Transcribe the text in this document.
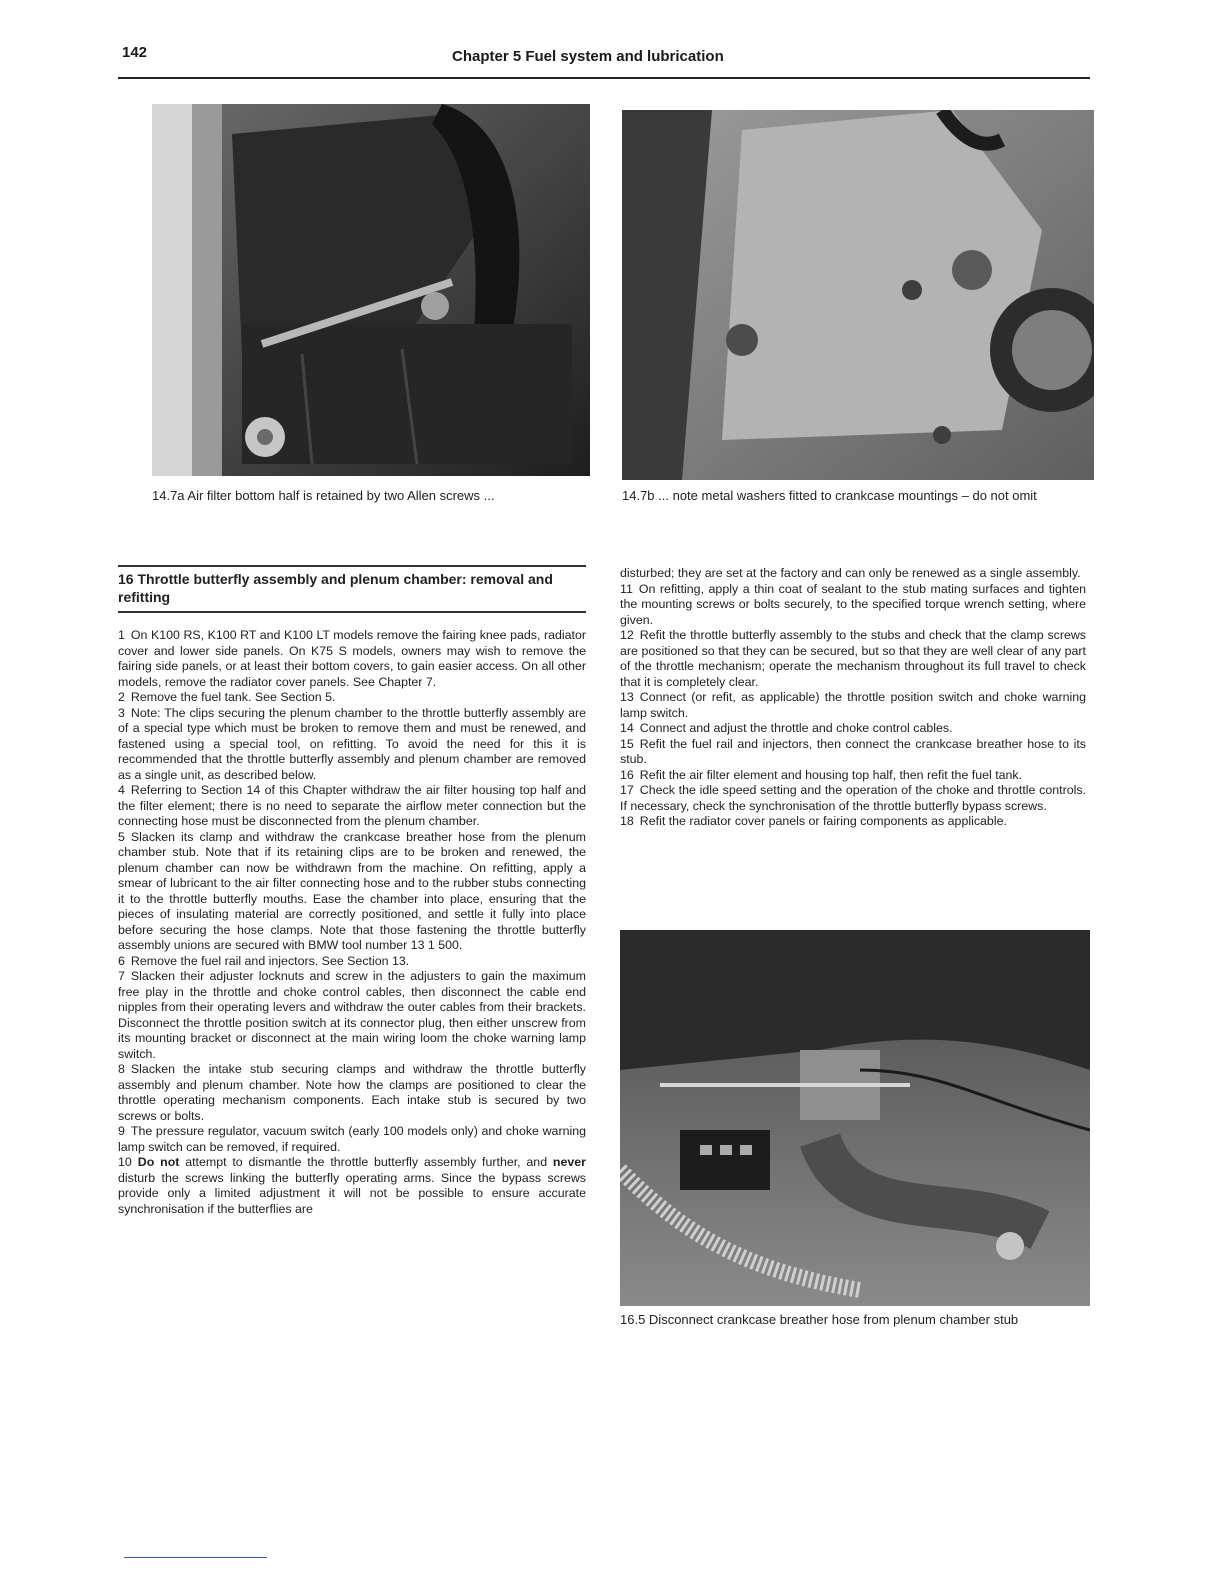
142	Chapter 5 Fuel system and lubrication
14.7a Air filter bottom half is retained by two Allen screws ...	14.7b ... note metal washers fitted to crankcase mountings – do not omit
16 Throttle butterfly assembly and plenum chamber: removal and refitting

1 On K100 RS, K100 RT and K100 LT models remove the fairing knee pads, radiator cover and lower side panels. On K75 S models, owners may wish to remove the fairing side panels, or at least their bottom covers, to gain easier access. On all other models, remove the radiator cover panels. See Chapter 7.

2 Remove the fuel tank. See Section 5.

3 Note: The clips securing the plenum chamber to the throttle butterfly assembly are of a special type which must be broken to remove them and must be renewed, and fastened using a special tool, on refitting. To avoid the need for this it is recommended that the throttle butterfly assembly and plenum chamber are removed as a single unit, as described below.

4 Referring to Section 14 of this Chapter withdraw the air filter housing top half and the filter element; there is no need to separate the airflow meter connection but the connecting hose must be disconnected from the plenum chamber.

5 Slacken its clamp and withdraw the crankcase breather hose from the plenum chamber stub. Note that if its retaining clips are to be broken and renewed, the plenum chamber can now be withdrawn from the machine. On refitting, apply a smear of lubricant to the air filter connecting hose and to the rubber stubs connecting it to the throttle butterfly mouths. Ease the chamber into place, ensuring that the pieces of insulating material are correctly positioned, and settle it fully into place before securing the hose clamps. Note that those fastening the throttle butterfly assembly unions are secured with BMW tool number 13 1 500.

6 Remove the fuel rail and injectors. See Section 13.

7 Slacken their adjuster locknuts and screw in the adjusters to gain the maximum free play in the throttle and choke control cables, then disconnect the cable end nipples from their operating levers and withdraw the outer cables from their brackets. Disconnect the throttle position switch at its connector plug, then either unscrew from its mounting bracket or disconnect at the main wiring loom the choke warning lamp switch.

8 Slacken the intake stub securing clamps and withdraw the throttle butterfly assembly and plenum chamber. Note how the clamps are positioned to clear the throttle operating mechanism components. Each intake stub is secured by two screws or bolts.

9 The pressure regulator, vacuum switch (early 100 models only) and choke warning lamp switch can be removed, if required.

10 Do not attempt to dismantle the throttle butterfly assembly further, and never disturb the screws linking the butterfly operating arms. Since the bypass screws provide only a limited adjustment it will not be possible to ensure accurate synchronisation if the butterflies are

disturbed; they are set at the factory and can only be renewed as a single assembly.

11 On refitting, apply a thin coat of sealant to the stub mating surfaces and tighten the mounting screws or bolts securely, to the specified torque wrench setting, where given.

12 Refit the throttle butterfly assembly to the stubs and check that the clamp screws are positioned so that they can be secured, but so that they are well clear of any part of the throttle mechanism; operate the mechanism throughout its full travel to check that it is completely clear.

13 Connect (or refit, as applicable) the throttle position switch and choke warning lamp switch.

14 Connect and adjust the throttle and choke control cables.

15 Refit the fuel rail and injectors, then connect the crankcase breather hose to its stub.

16 Refit the air filter element and housing top half, then refit the fuel tank.

17 Check the idle speed setting and the operation of the choke and throttle controls. If necessary, check the synchronisation of the throttle butterfly bypass screws.

18 Refit the radiator cover panels or fairing components as applicable.

16.5 Disconnect crankcase breather hose from plenum chamber stub
